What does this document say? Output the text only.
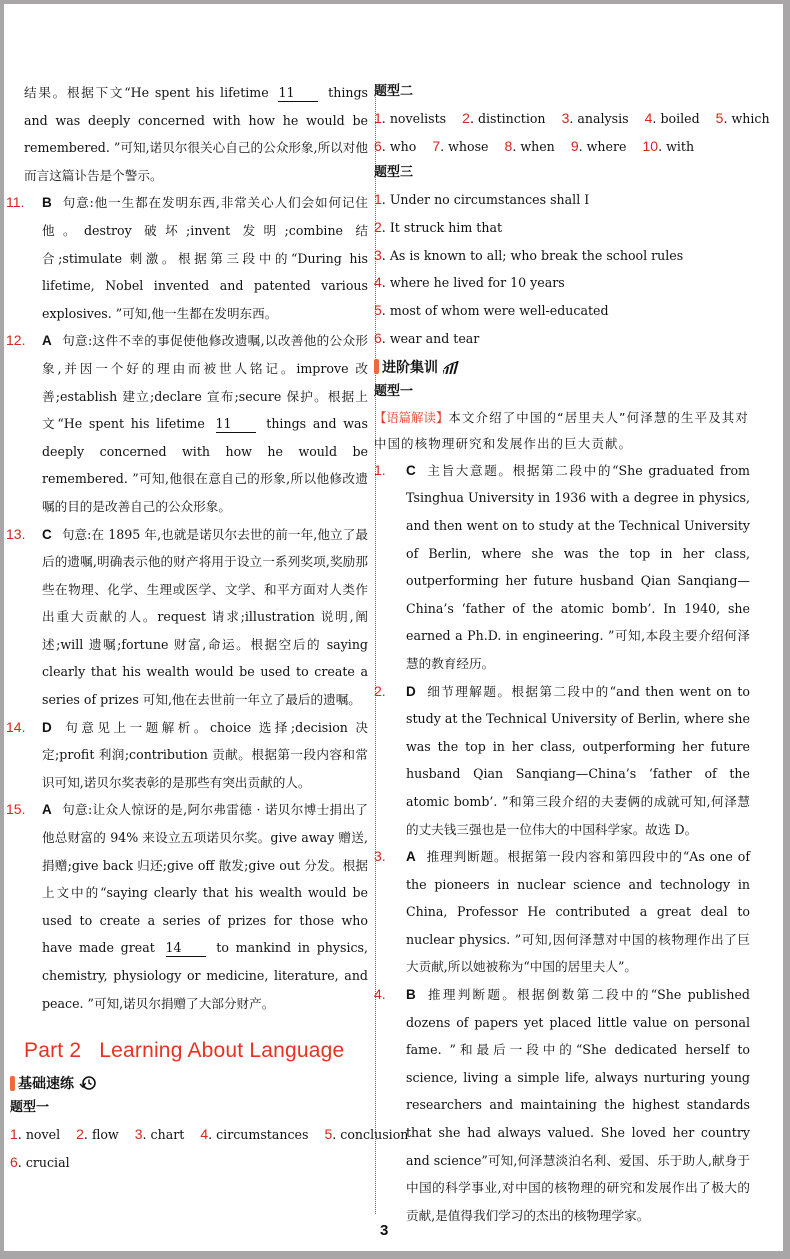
结果。根据下文“He spent his lifetime 11 things and was deeply concerned with how he would be remembered. ”可知,诺贝尔很关心自己的公众形象,所以对他而言这篇讣告是个警示。

11. B 句意:他一生都在发明东西,非常关心人们会如何记住他。destroy 破坏;invent 发明;combine 结合;stimulate 刺激。根据第三段中的“During his lifetime, Nobel invented and patented various explosives. ”可知,他一生都在发明东西。

12. A 句意:这件不幸的事促使他修改遗嘱,以改善他的公众形象,并因一个好的理由而被世人铭记。improve 改善;establish 建立;declare 宣布;secure 保护。根据上文“He spent his lifetime 11 things and was deeply concerned with how he would be remembered. ”可知,他很在意自己的形象,所以他修改遗嘱的目的是改善自己的公众形象。

13. C 句意:在 1895 年,也就是诺贝尔去世的前一年,他立了最后的遗嘱,明确表示他的财产将用于设立一系列奖项,奖励那些在物理、化学、生理或医学、文学、和平方面对人类作出重大贡献的人。request 请求;illustration 说明,阐述;will 遗嘱;fortune 财富,命运。根据空后的 saying clearly that his wealth would be used to create a series of prizes 可知,他在去世前一年立了最后的遗嘱。

14. D 句意见上一题解析。choice 选择;decision 决定;profit 利润;contribution 贡献。根据第一段内容和常识可知,诺贝尔奖表彰的是那些有突出贡献的人。

15. A 句意:让众人惊讶的是,阿尔弗雷德 · 诺贝尔博士捐出了他总财富的 94% 来设立五项诺贝尔奖。give away 赠送,捐赠;give back 归还;give off 散发;give out 分发。根据上文中的“saying clearly that his wealth would be used to create a series of prizes for those who have made great 14 to mankind in physics, chemistry, physiology or medicine, literature, and peace. ”可知,诺贝尔捐赠了大部分财产。

Part 2 Learning About Language
基础速练
题型一
1. novel 2. flow 3. chart 4. circumstances 5. conclusion
6. crucial
题型二
1. novelists 2. distinction 3. analysis 4. boiled 5. which
6. who 7. whose 8. when 9. where 10. with
题型三
1. Under no circumstances shall I
2. It struck him that
3. As is known to all; who break the school rules
4. where he lived for 10 years
5. most of whom were well-educated
6. wear and tear
进阶集训
题型一
【语篇解读】本文介绍了中国的“居里夫人”何泽慧的生平及其对中国的核物理研究和发展作出的巨大贡献。

1. C 主旨大意题。根据第二段中的“She graduated from Tsinghua University in 1936 with a degree in physics, and then went on to study at the Technical University of Berlin, where she was the top in her class, outperforming her future husband Qian Sanqiang—China’s ‘father of the atomic bomb’. In 1940, she earned a Ph.D. in engineering. ”可知,本段主要介绍何泽慧的教育经历。

2. D 细节理解题。根据第二段中的“and then went on to study at the Technical University of Berlin, where she was the top in her class, outperforming her future husband Qian Sanqiang—China’s ‘father of the atomic bomb’. ”和第三段介绍的夫妻俩的成就可知,何泽慧的丈夫钱三强也是一位伟大的中国科学家。故选 D。

3. A 推理判断题。根据第一段内容和第四段中的“As one of the pioneers in nuclear science and technology in China, Professor He contributed a great deal to nuclear physics. ”可知,因何泽慧对中国的核物理作出了巨大贡献,所以她被称为“中国的居里夫人”。

4. B 推理判断题。根据倒数第二段中的“She published dozens of papers yet placed little value on personal fame. ”和最后一段中的“She dedicated herself to science, living a simple life, always nurturing young researchers and maintaining the highest standards that she had always valued. She loved her country and science”可知,何泽慧淡泊名利、爱国、乐于助人,献身于中国的科学事业,对中国的核物理的研究和发展作出了极大的贡献,是值得我们学习的杰出的核物理学家。

3
